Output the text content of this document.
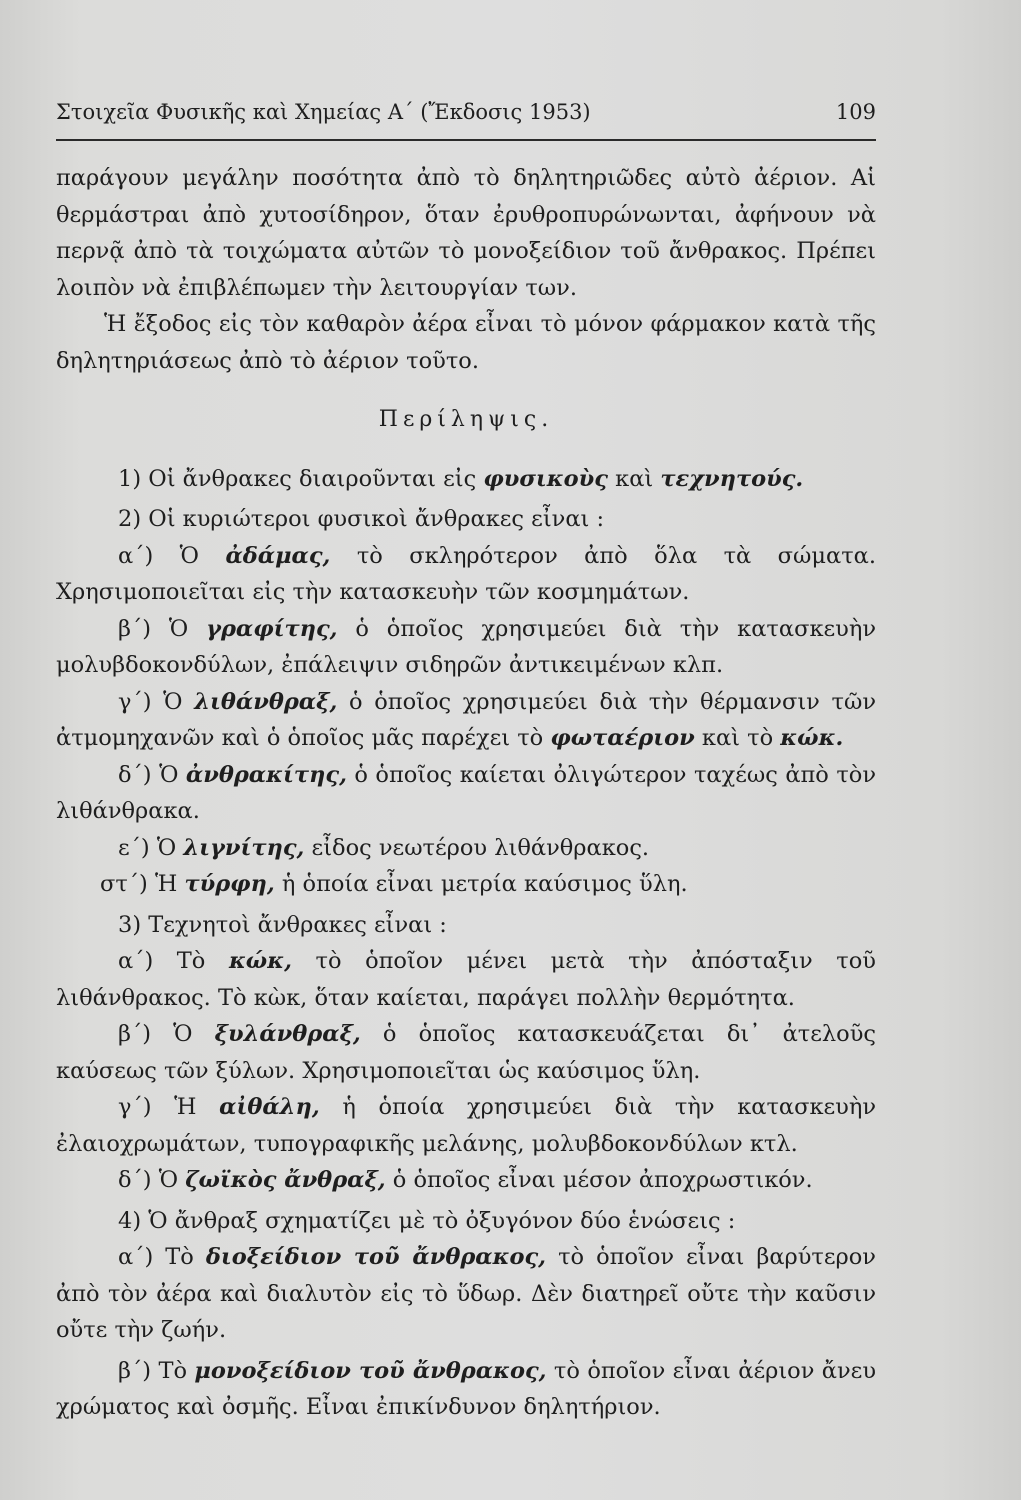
Στοιχεῖα Φυσικῆς καὶ Χημείας Α΄ (Ἔκδοσις 1953)	109

παράγουν μεγάλην ποσότητα ἀπὸ τὸ δηλητηριῶδες αὐτὸ ἀέριον. Αἱ θερμάστραι ἀπὸ χυτοσίδηρον, ὅταν ἐρυθροπυρώνωνται, ἀφήνουν νὰ περνᾷ ἀπὸ τὰ τοιχώματα αὐτῶν τὸ μονοξείδιον τοῦ ἄνθρακος. Πρέπει λοιπὸν νὰ ἐπιβλέπωμεν τὴν λειτουργίαν των.

Ἡ ἔξοδος εἰς τὸν καθαρὸν ἀέρα εἶναι τὸ μόνον φάρμακον κατὰ τῆς δηλητηριάσεως ἀπὸ τὸ ἀέριον τοῦτο.

Περίληψις.

1) Οἱ ἄνθρακες διαιροῦνται εἰς φυσικοὺς καὶ τεχνητούς.

2) Οἱ κυριώτεροι φυσικοὶ ἄνθρακες εἶναι :

α΄) Ὁ ἀδάμας, τὸ σκληρότερον ἀπὸ ὅλα τὰ σώματα. Χρησιμοποιεῖται εἰς τὴν κατασκευὴν τῶν κοσμημάτων.

β΄) Ὁ γραφίτης, ὁ ὁποῖος χρησιμεύει διὰ τὴν κατασκευὴν μολυβδοκονδύλων, ἐπάλειψιν σιδηρῶν ἀντικειμένων κλπ.

γ΄) Ὁ λιθάνθραξ, ὁ ὁποῖος χρησιμεύει διὰ τὴν θέρμανσιν τῶν ἀτμομηχανῶν καὶ ὁ ὁποῖος μᾶς παρέχει τὸ φωταέριον καὶ τὸ κώκ.

δ΄) Ὁ ἀνθρακίτης, ὁ ὁποῖος καίεται ὀλιγώτερον ταχέως ἀπὸ τὸν λιθάνθρακα.

ε΄) Ὁ λιγνίτης, εἶδος νεωτέρου λιθάνθρακος.

στ΄) Ἡ τύρφη, ἡ ὁποία εἶναι μετρία καύσιμος ὕλη.

3) Τεχνητοὶ ἄνθρακες εἶναι :

α΄) Τὸ κώκ, τὸ ὁποῖον μένει μετὰ τὴν ἀπόσταξιν τοῦ λιθάνθρακος. Τὸ κὼκ, ὅταν καίεται, παράγει πολλὴν θερμότητα.

β΄) Ὁ ξυλάνθραξ, ὁ ὁποῖος κατασκευάζεται δι᾽ ἀτελοῦς καύσεως τῶν ξύλων. Χρησιμοποιεῖται ὡς καύσιμος ὕλη.

γ΄) Ἡ αἰθάλη, ἡ ὁποία χρησιμεύει διὰ τὴν κατασκευὴν ἐλαιοχρωμάτων, τυπογραφικῆς μελάνης, μολυβδοκονδύλων κτλ.

δ΄) Ὁ ζωϊκὸς ἄνθραξ, ὁ ὁποῖος εἶναι μέσον ἀποχρωστικόν.

4) Ὁ ἄνθραξ σχηματίζει μὲ τὸ ὀξυγόνον δύο ἑνώσεις :

α΄) Τὸ διοξείδιον τοῦ ἄνθρακος, τὸ ὁποῖον εἶναι βαρύτερον ἀπὸ τὸν ἀέρα καὶ διαλυτὸν εἰς τὸ ὕδωρ. Δὲν διατηρεῖ οὔτε τὴν καῦσιν οὔτε τὴν ζωήν.

β΄) Τὸ μονοξείδιον τοῦ ἄνθρακος, τὸ ὁποῖον εἶναι ἀέριον ἄνευ χρώματος καὶ ὀσμῆς. Εἶναι ἐπικίνδυνον δηλητήριον.
